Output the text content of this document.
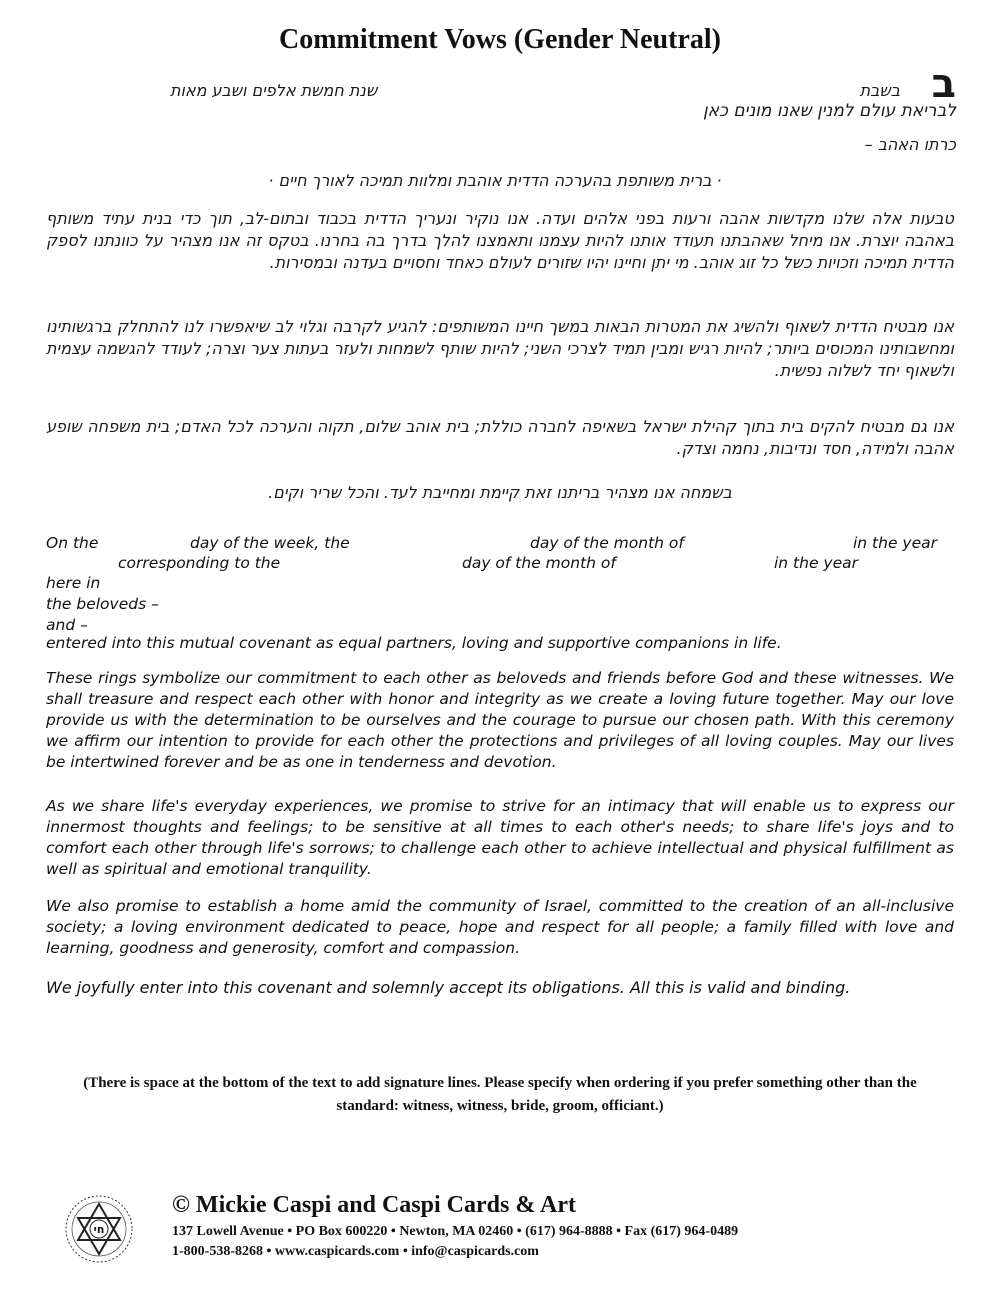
Commitment Vows (Gender Neutral)
ב
בשבת
שנת חמשת אלפים ושבע מאות
לבריאת עולם למנין שאנו מונים כאן
כרתו האהב –
· ברית משותפת בהערכה הדדית אוהבת ומלוות תמיכה לאורך חיים ·
טבעות אלה שלנו מקדשות אהבה ורעות בפני אלהים ועדה. אנו נוקיר ונעריך הדדית בכבוד ובתום-לב, תוך כדי בנית עתיד משותף באהבה יוצרת. אנו מיחל שאהבתנו תעודד אותנו להיות עצמנו ותאמצנו להלך בדרך בה בחרנו. בטקס זה אנו מצהיר על כוונתנו לספק הדדית תמיכה וזכויות כשל כל זוג אוהב. מי יתן וחיינו יהיו שזורים לעולם כאחד וחסויים בעדנה ובמסירות.
אנו מבטיח הדדית לשאוף ולהשיג את המטרות הבאות במשך חיינו המשותפים: להגיע לקרבה וגלוי לב שיאפשרו לנו להתחלק ברגשותינו ומחשבותינו המכוסים ביותר; להיות רגיש ומבין תמיד לצרכי השני; להיות שותף לשמחות ולעזר בעתות צער וצרה; לעודד להגשמה עצמית ולשאוף יחד לשלוה נפשית.
אנו גם מבטיח להקים בית בתוך קהילת ישראל בשאיפה לחברה כוללת; בית אוהב שלום, תקוה והערכה לכל האדם; בית משפחה שופע אהבה ולמידה, חסד ונדיבות, נחמה וצדק.
בשמחה אנו מצהיר בריתנו זאת קיימת ומחייבת לעד. והכל שריר וקים.
On the	day of the week, the	day of the month of	in the year
corresponding to the	day of the month of	in the year
here in
the beloveds –
and –
entered into this mutual covenant as equal partners, loving and supportive companions in life.
These rings symbolize our commitment to each other as beloveds and friends before God and these witnesses. We shall treasure and respect each other with honor and integrity as we create a loving future together. May our love provide us with the determination to be ourselves and the courage to pursue our chosen path. With this ceremony we affirm our intention to provide for each other the protections and privileges of all loving couples. May our lives be intertwined forever and be as one in tenderness and devotion.
As we share life's everyday experiences, we promise to strive for an intimacy that will enable us to express our innermost thoughts and feelings; to be sensitive at all times to each other's needs; to share life's joys and to comfort each other through life's sorrows; to challenge each other to achieve intellectual and physical fulfillment as well as spiritual and emotional tranquility.
We also promise to establish a home amid the community of Israel, committed to the creation of an all-inclusive society; a loving environment dedicated to peace, hope and respect for all people; a family filled with love and learning, goodness and generosity, comfort and compassion.
We joyfully enter into this covenant and solemnly accept its obligations. All this is valid and binding.
(There is space at the bottom of the text to add signature lines. Please specify when ordering if you prefer something other than the standard: witness, witness, bride, groom, officiant.)
חי
© Mickie Caspi and Caspi Cards & Art
137 Lowell Avenue • PO Box 600220 • Newton, MA 02460 • (617) 964-8888 • Fax (617) 964-0489
1-800-538-8268 • www.caspicards.com • info@caspicards.com
